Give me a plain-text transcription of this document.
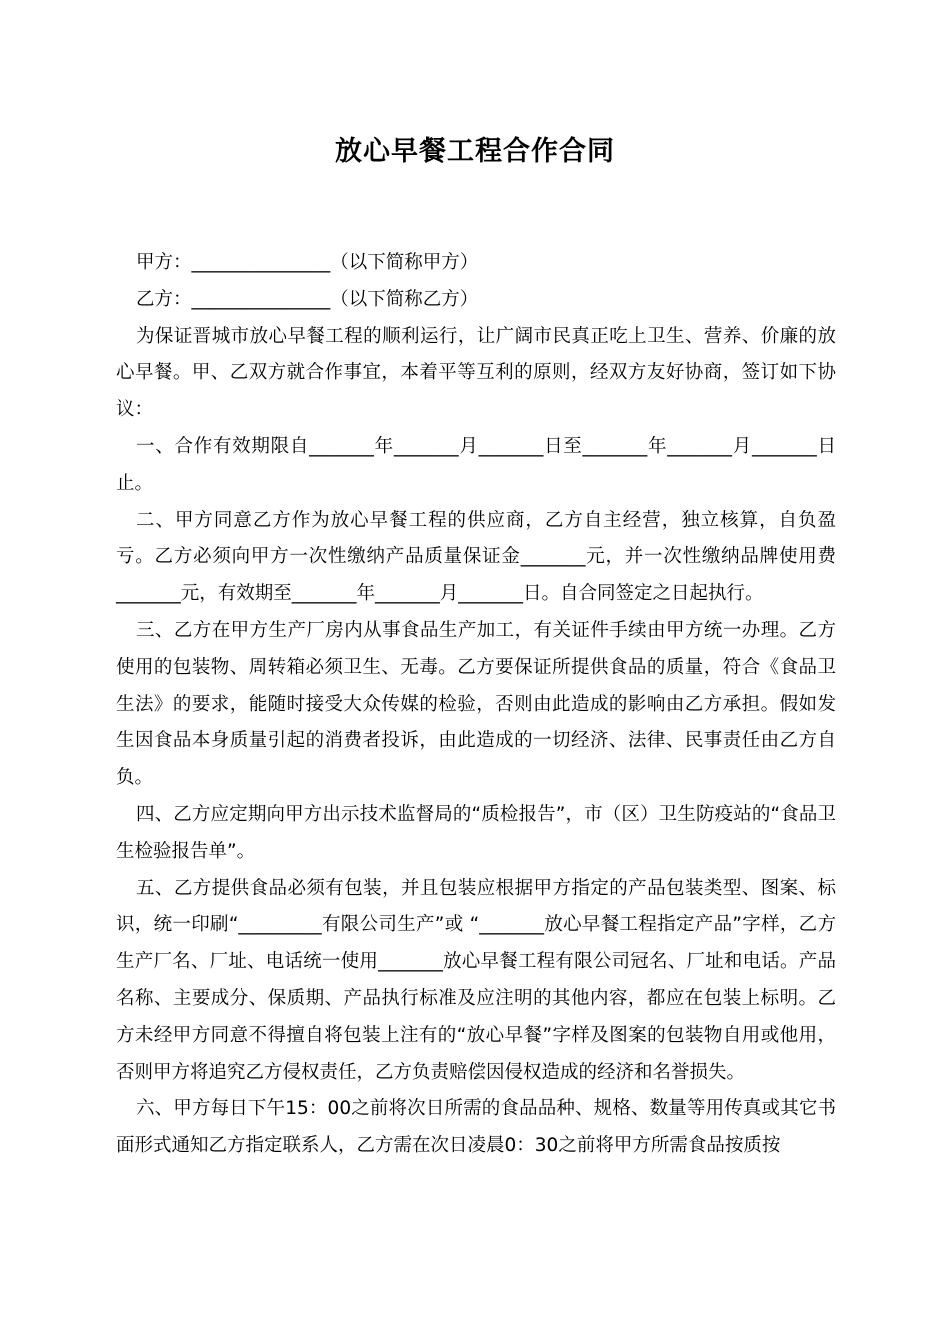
放心早餐工程合作合同

甲方：_______________（以下简称甲方）

乙方：_______________（以下简称乙方）

为保证晋城市放心早餐工程的顺利运行，让广阔市民真正吃上卫生、营养、价廉的放心早餐。甲、乙双方就合作事宜，本着平等互利的原则，经双方友好协商，签订如下协议：

一、合作有效期限自_______年_______月_______日至_______年_______月_______日止。

二、甲方同意乙方作为放心早餐工程的供应商，乙方自主经营，独立核算，自负盈亏。乙方必须向甲方一次性缴纳产品质量保证金_______元，并一次性缴纳品牌使用费_______元，有效期至_______年_______月_______日。自合同签定之日起执行。

三、乙方在甲方生产厂房内从事食品生产加工，有关证件手续由甲方统一办理。乙方使用的包装物、周转箱必须卫生、无毒。乙方要保证所提供食品的质量，符合《食品卫生法》的要求，能随时接受大众传媒的检验，否则由此造成的影响由乙方承担。假如发生因食品本身质量引起的消费者投诉，由此造成的一切经济、法律、民事责任由乙方自负。

四、乙方应定期向甲方出示技术监督局的“质检报告”，市（区）卫生防疫站的“食品卫生检验报告单”。

五、乙方提供食品必须有包装，并且包装应根据甲方指定的产品包装类型、图案、标识，统一印刷“_________有限公司生产”或 “_______放心早餐工程指定产品”字样，乙方生产厂名、厂址、电话统一使用_______放心早餐工程有限公司冠名、厂址和电话。产品名称、主要成分、保质期、产品执行标准及应注明的其他内容，都应在包装上标明。乙方未经甲方同意不得擅自将包装上注有的“放心早餐”字样及图案的包装物自用或他用，否则甲方将追究乙方侵权责任，乙方负责赔偿因侵权造成的经济和名誉损失。

六、甲方每日下午15：00之前将次日所需的食品品种、规格、数量等用传真或其它书面形式通知乙方指定联系人，乙方需在次日凌晨0：30之前将甲方所需食品按质按
